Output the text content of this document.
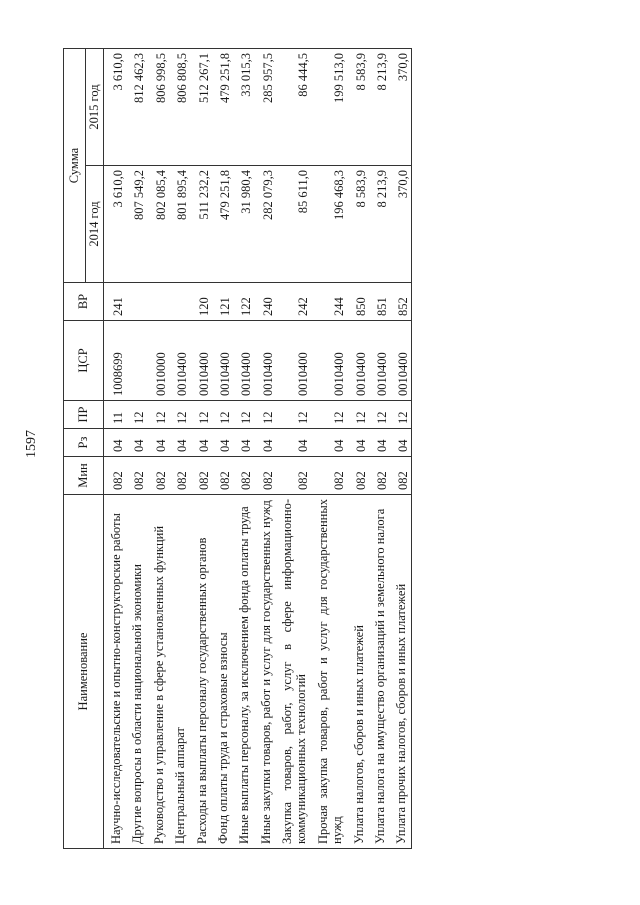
1597
Наименование	Мин	Рз	ПР	ЦСР	ВР	Сумма	
						2014 год	2015 год
Научно-исследовательские и опытно-конструкторские работы	082	04	11	1008699	241	3 610,0	3 610,0
Другие вопросы в области национальной экономики	082	04	12			807 549,2	812 462,3
Руководство и управление в сфере установленных функций	082	04	12	0010000		802 085,4	806 998,5
Центральный аппарат	082	04	12	0010400		801 895,4	806 808,5
Расходы на выплаты персоналу государственных органов	082	04	12	0010400	120	511 232,2	512 267,1
Фонд оплаты труда и страховые взносы	082	04	12	0010400	121	479 251,8	479 251,8
Иные выплаты персоналу, за исключением фонда оплаты труда	082	04	12	0010400	122	31 980,4	33 015,3
Иные закупки товаров, работ и услуг для государственных нужд	082	04	12	0010400	240	282 079,3	285 957,5
Закупка товаров, работ, услуг в сфере информационно-коммуникационных технологий	082	04	12	0010400	242	85 611,0	86 444,5
Прочая закупка товаров, работ и услуг для государственных нужд	082	04	12	0010400	244	196 468,3	199 513,0
Уплата налогов, сборов и иных платежей	082	04	12	0010400	850	8 583,9	8 583,9
Уплата налога на имущество организаций и земельного налога	082	04	12	0010400	851	8 213,9	8 213,9
Уплата прочих налогов, сборов и иных платежей	082	04	12	0010400	852	370,0	370,0
